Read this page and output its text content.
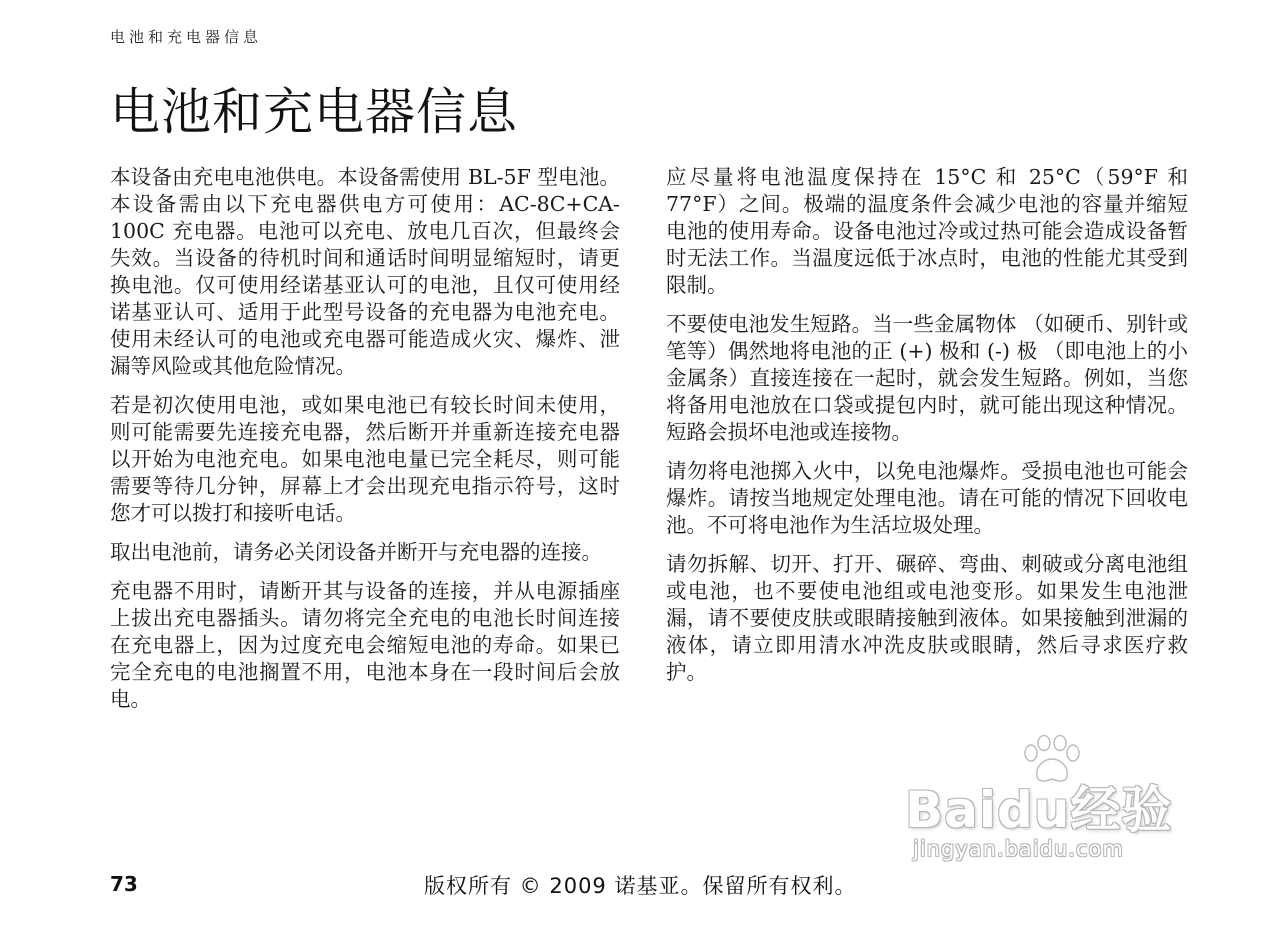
电池和充电器信息
电池和充电器信息

本设备由充电电池供电。本设备需使用 BL-5F 型电池。本设备需由以下充电器供电方可使用：AC-8C+CA-100C 充电器。电池可以充电、放电几百次，但最终会失效。当设备的待机时间和通话时间明显缩短时，请更换电池。仅可使用经诺基亚认可的电池，且仅可使用经诺基亚认可、适用于此型号设备的充电器为电池充电。使用未经认可的电池或充电器可能造成火灾、爆炸、泄漏等风险或其他危险情况。

若是初次使用电池，或如果电池已有较长时间未使用，则可能需要先连接充电器，然后断开并重新连接充电器以开始为电池充电。如果电池电量已完全耗尽，则可能需要等待几分钟，屏幕上才会出现充电指示符号，这时您才可以拨打和接听电话。

取出电池前，请务必关闭设备并断开与充电器的连接。

充电器不用时，请断开其与设备的连接，并从电源插座上拔出充电器插头。请勿将完全充电的电池长时间连接在充电器上，因为过度充电会缩短电池的寿命。如果已完全充电的电池搁置不用，电池本身在一段时间后会放电。

应尽量将电池温度保持在 15°C 和 25°C（59°F 和 77°F）之间。极端的温度条件会减少电池的容量并缩短电池的使用寿命。设备电池过冷或过热可能会造成设备暂时无法工作。当温度远低于冰点时，电池的性能尤其受到限制。

不要使电池发生短路。当一些金属物体 （如硬币、别针或笔等）偶然地将电池的正 (+) 极和 (-) 极 （即电池上的小金属条）直接连接在一起时，就会发生短路。例如，当您将备用电池放在口袋或提包内时，就可能出现这种情况。短路会损坏电池或连接物。

请勿将电池掷入火中，以免电池爆炸。受损电池也可能会爆炸。请按当地规定处理电池。请在可能的情况下回收电池。不可将电池作为生活垃圾处理。

请勿拆解、切开、打开、碾碎、弯曲、刺破或分离电池组或电池，也不要使电池组或电池变形。如果发生电池泄漏，请不要使皮肤或眼睛接触到液体。如果接触到泄漏的液体，请立即用清水冲洗皮肤或眼睛，然后寻求医疗救护。

Baidu经验
jingyan.baidu.com
73	版权所有 © 2009 诺基亚。保留所有权利。
